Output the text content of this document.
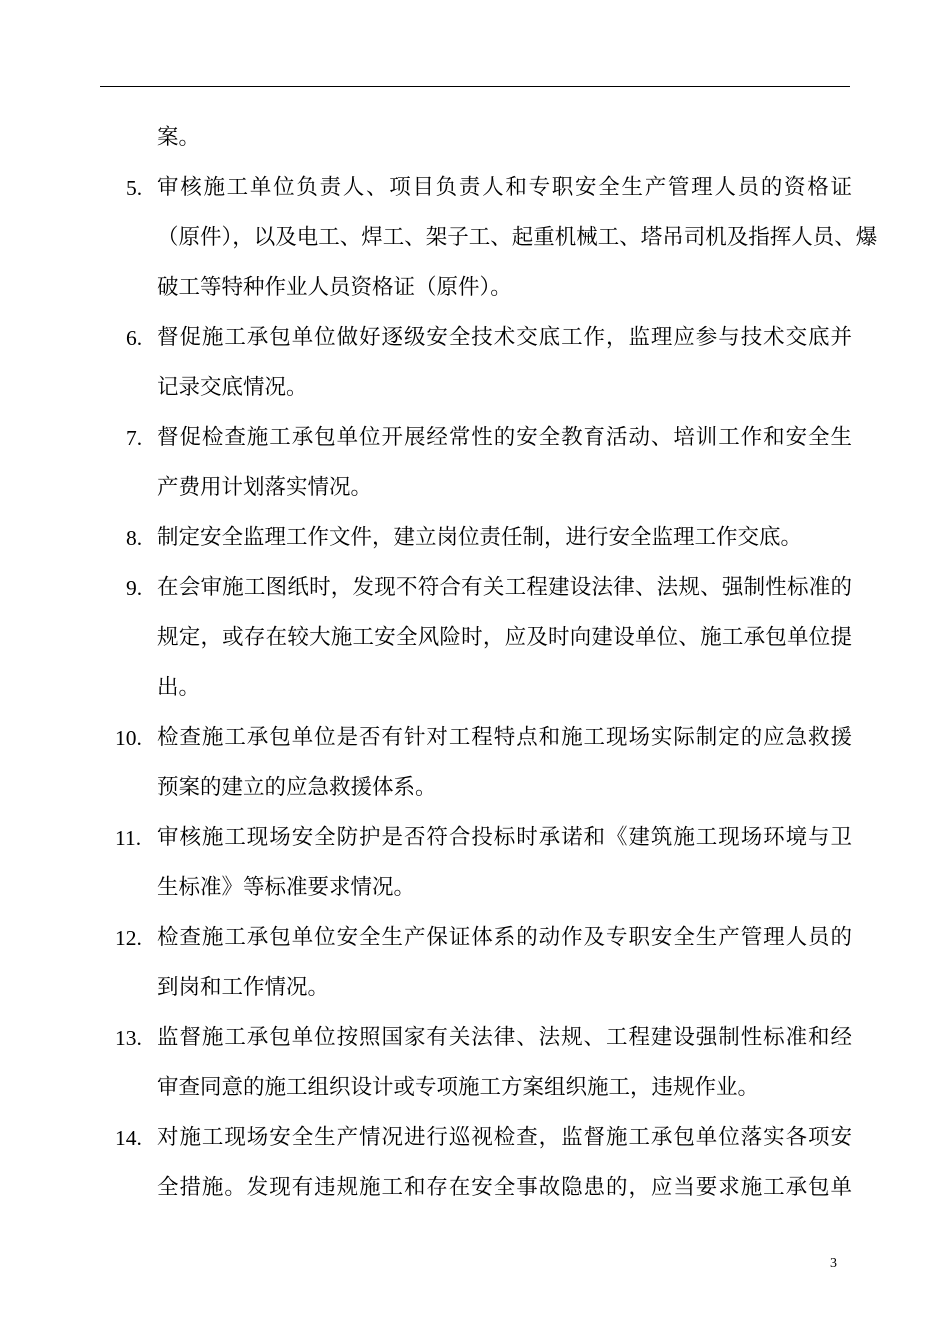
案。
5. 审核施工单位负责人、项目负责人和专职安全生产管理人员的资格证
（原件），以及电工、焊工、架子工、起重机械工、塔吊司机及指挥人员、爆
破工等特种作业人员资格证（原件）。
6. 督促施工承包单位做好逐级安全技术交底工作，监理应参与技术交底并
记录交底情况。
7. 督促检查施工承包单位开展经常性的安全教育活动、培训工作和安全生
产费用计划落实情况。
8. 制定安全监理工作文件，建立岗位责任制，进行安全监理工作交底。
9. 在会审施工图纸时，发现不符合有关工程建设法律、法规、强制性标准的
规定，或存在较大施工安全风险时，应及时向建设单位、施工承包单位提
出。
10. 检查施工承包单位是否有针对工程特点和施工现场实际制定的应急救援
预案的建立的应急救援体系。
11. 审核施工现场安全防护是否符合投标时承诺和《建筑施工现场环境与卫
生标准》等标准要求情况。
12. 检查施工承包单位安全生产保证体系的动作及专职安全生产管理人员的
到岗和工作情况。
13. 监督施工承包单位按照国家有关法律、法规、工程建设强制性标准和经
审查同意的施工组织设计或专项施工方案组织施工，违规作业。
14. 对施工现场安全生产情况进行巡视检查，监督施工承包单位落实各项安
全措施。发现有违规施工和存在安全事故隐患的，应当要求施工承包单
3
